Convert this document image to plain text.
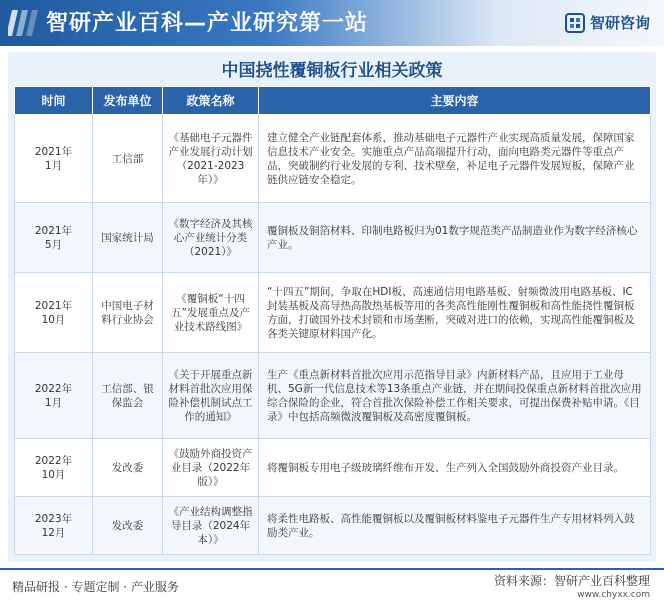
智研产业百科—产业研究第一站	智研咨询
中国挠性覆铜板行业相关政策
时间	发布单位	政策名称	主要内容
2021年
1月	工信部	《基础电子元器件产业发展行动计划（2021-2023年）》	建立健全产业链配套体系，推动基础电子元器件产业实现高质量发展，保障国家信息技术产业安全。实施重点产品高端提升行动，面向电路类元器件等重点产品，突破制约行业发展的专利、技术壁垒，补足电子元器件发展短板，保障产业链供应链安全稳定。
2021年
5月	国家统计局	《数字经济及其核心产业统计分类（2021）》	覆铜板及铜箔材料、印制电路板归为01数字规范类产品制造业作为数字经济核心产业。
2021年
10月	中国电子材料行业协会	《覆铜板“十四五”发展重点及产业技术路线图》	“十四五”期间，争取在HDI板、高速通信用电路基板、射频微波用电路基板、IC封装基板及高导热高散热基板等用的各类高性能刚性覆铜板和高性能挠性覆铜板方面，打破国外技术封锁和市场垄断，突破对进口的依赖，实现高性能覆铜板及各类关键原材料国产化。
2022年
1月	工信部、银保监会	《关于开展重点新材料首批次应用保险补偿机制试点工作的通知》	生产《重点新材料首批次应用示范指导目录》内新材料产品，且应用于工业母机、5G新一代信息技术等13条重点产业链，并在期间投保重点新材料首批次应用综合保险的企业，符合首批次保险补偿工作相关要求，可提出保费补贴申请。《目录》中包括高频微波覆铜板及高密度覆铜板。
2022年
10月	发改委	《鼓励外商投资产业目录（2022年版）》	将覆铜板专用电子级玻璃纤维布开发、生产列入全国鼓励外商投资产业目录。
2023年
12月	发改委	《产业结构调整指导目录（2024年本）》	将柔性电路板、高性能覆铜板以及覆铜板材料鉴电子元器件生产专用材料列入鼓励类产业。
精品研报 · 专题定制 · 产业服务	资料来源：智研产业百科整理
www.chyxx.com
